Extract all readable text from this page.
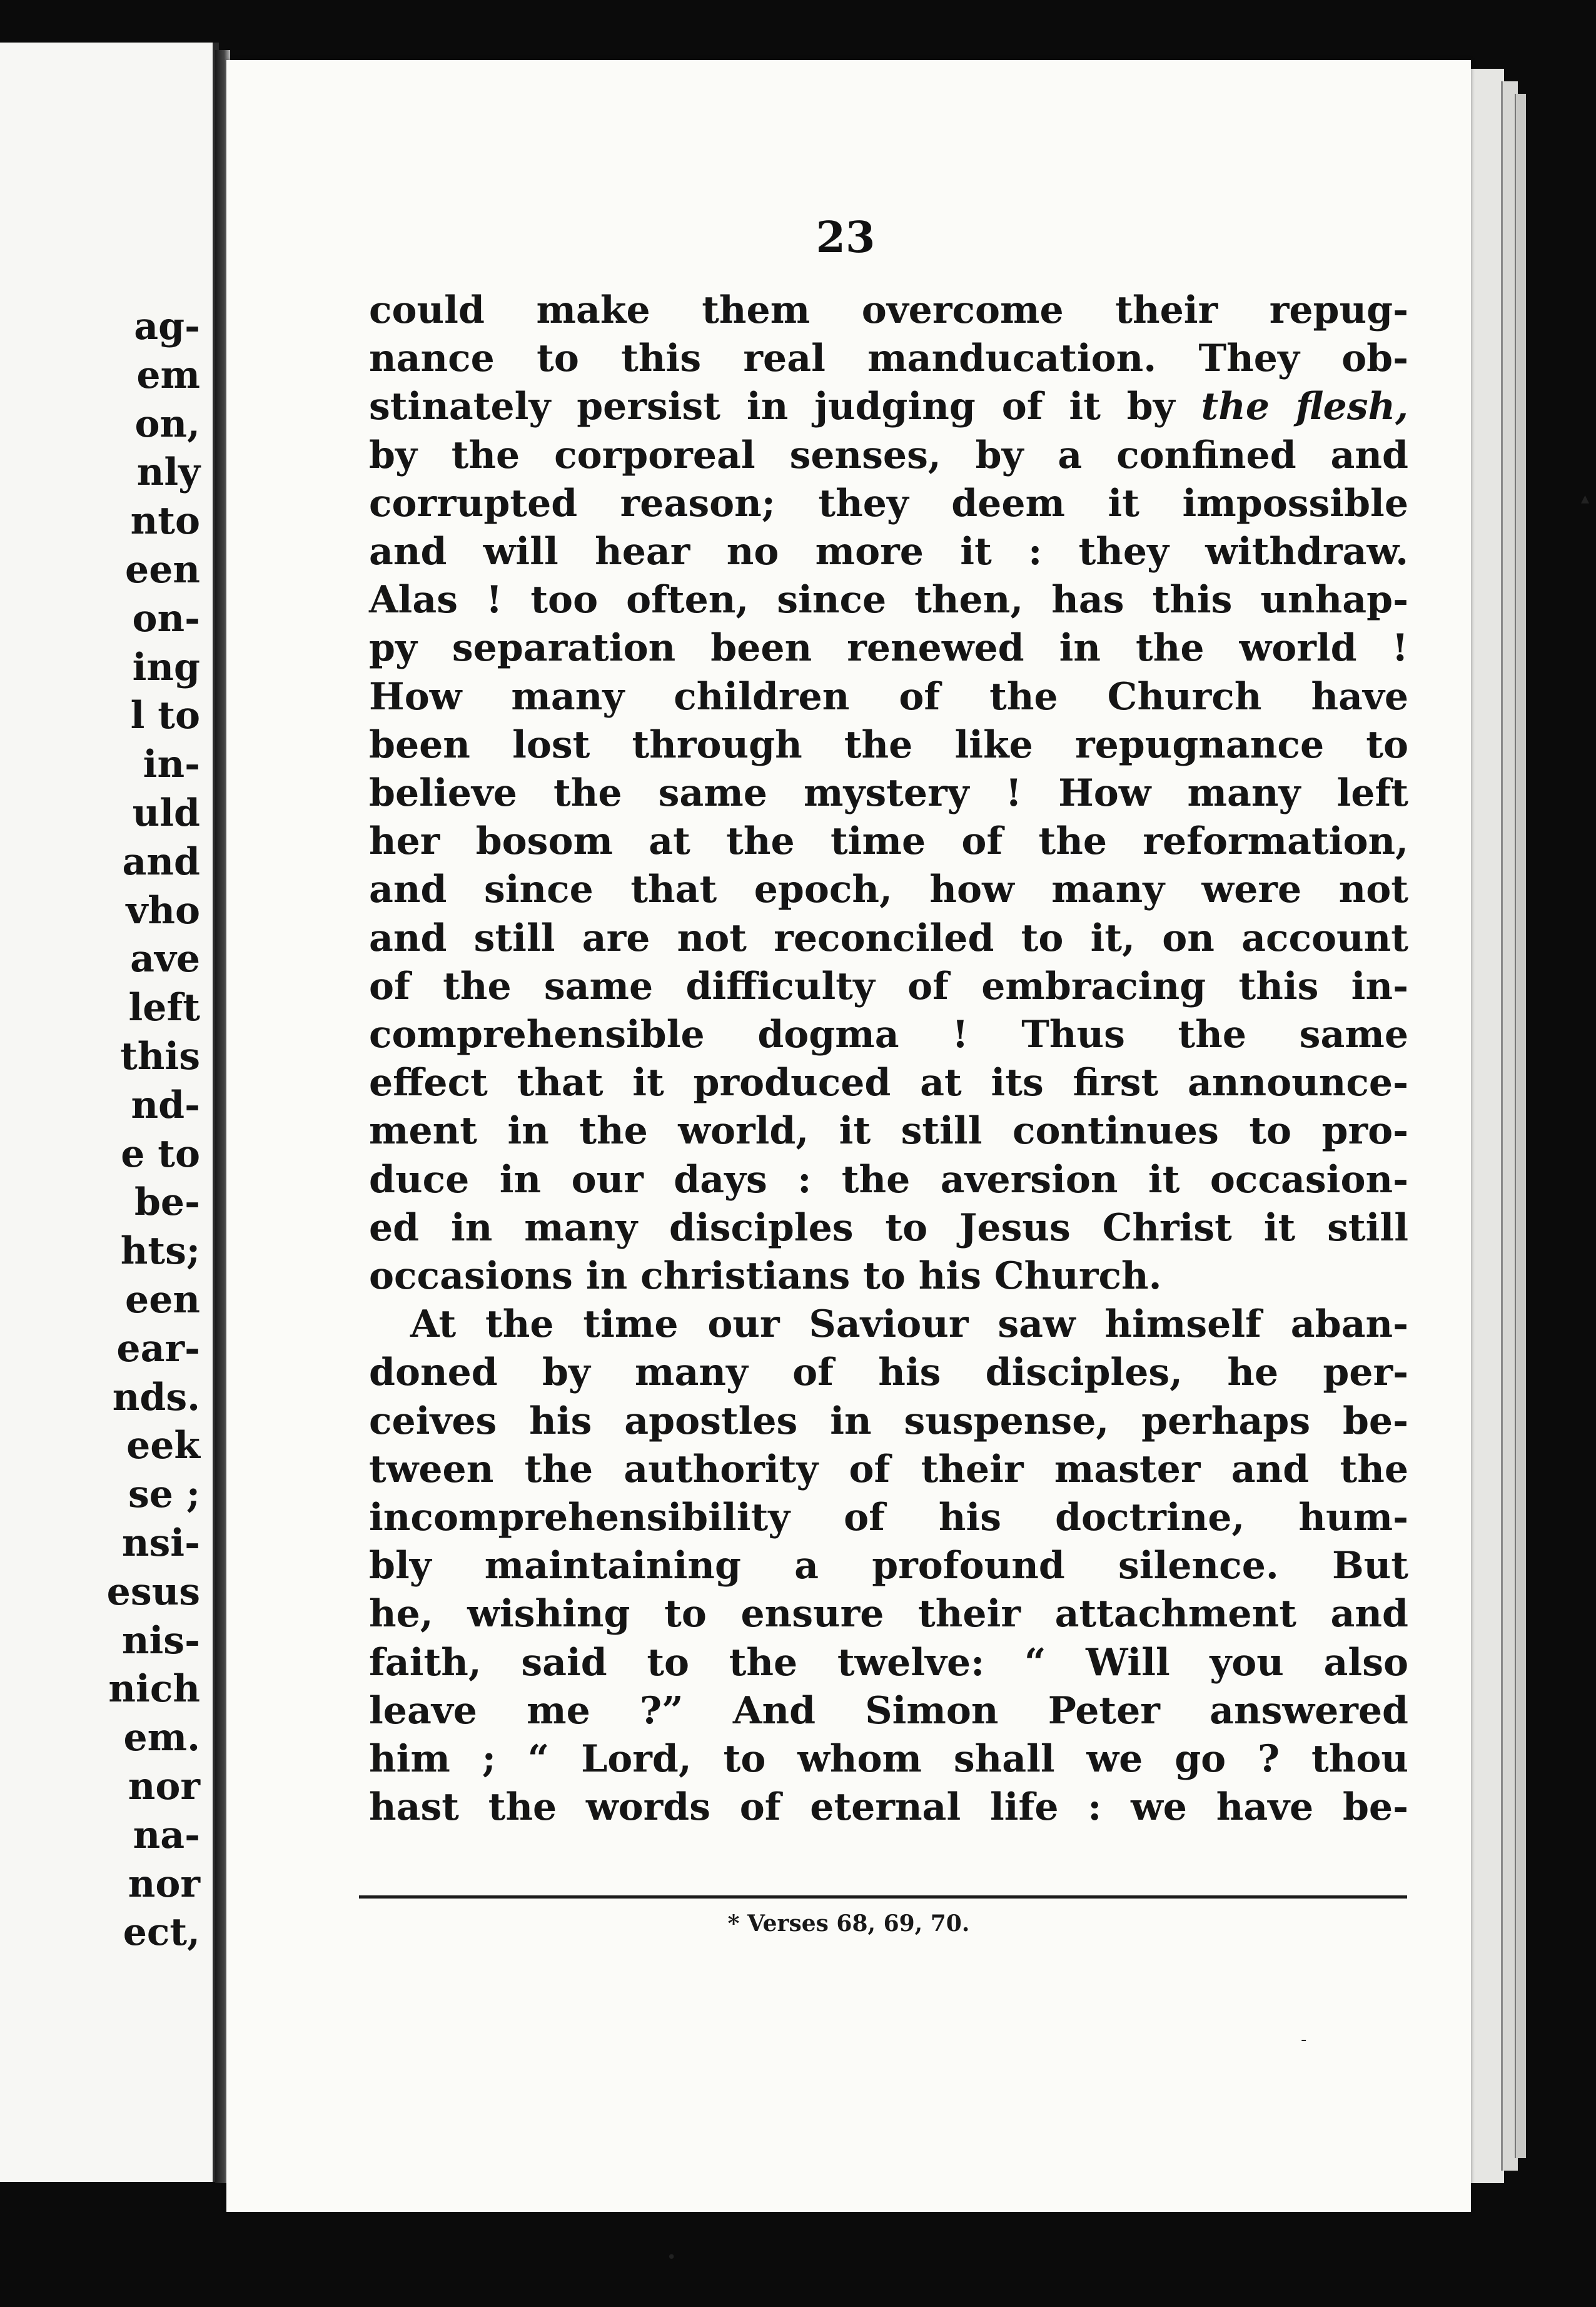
ag-
em
on,
nly
nto
een
on-
ing
l to
in-
uld
and
vho
ave
left
this
nd-
e to
be-
hts;
een
ear-
nds.
eek
se ;
nsi-
esus
nis-
nich
em.
nor
na-
nor
ect,
23
could make them overcome their repug-
nance to this real manducation. They ob-
stinately persist in judging of it by the flesh,
by the corporeal senses, by a confined and
corrupted reason; they deem it impossible
and will hear no more it : they withdraw.
Alas ! too often, since then, has this unhap-
py separation been renewed in the world !
How many children of the Church have
been lost through the like repugnance to
believe the same mystery ! How many left
her bosom at the time of the reformation,
and since that epoch, how many were not
and still are not reconciled to it, on account
of the same difficulty of embracing this in-
comprehensible dogma ! Thus the same
effect that it produced at its first announce-
ment in the world, it still continues to pro-
duce in our days : the aversion it occasion-
ed in many disciples to Jesus Christ it still
occasions in christians to his Church.
At the time our Saviour saw himself aban-
doned by many of his disciples, he per-
ceives his apostles in suspense, perhaps be-
tween the authority of their master and the
incomprehensibility of his doctrine, hum-
bly maintaining a profound silence. But
he, wishing to ensure their attachment and
faith, said to the twelve: “ Will you also
leave me ?” And Simon Peter answered
him ; “ Lord, to whom shall we go ? thou
hast the words of eternal life : we have be-
* Verses 68, 69, 70.
▴
-
•
